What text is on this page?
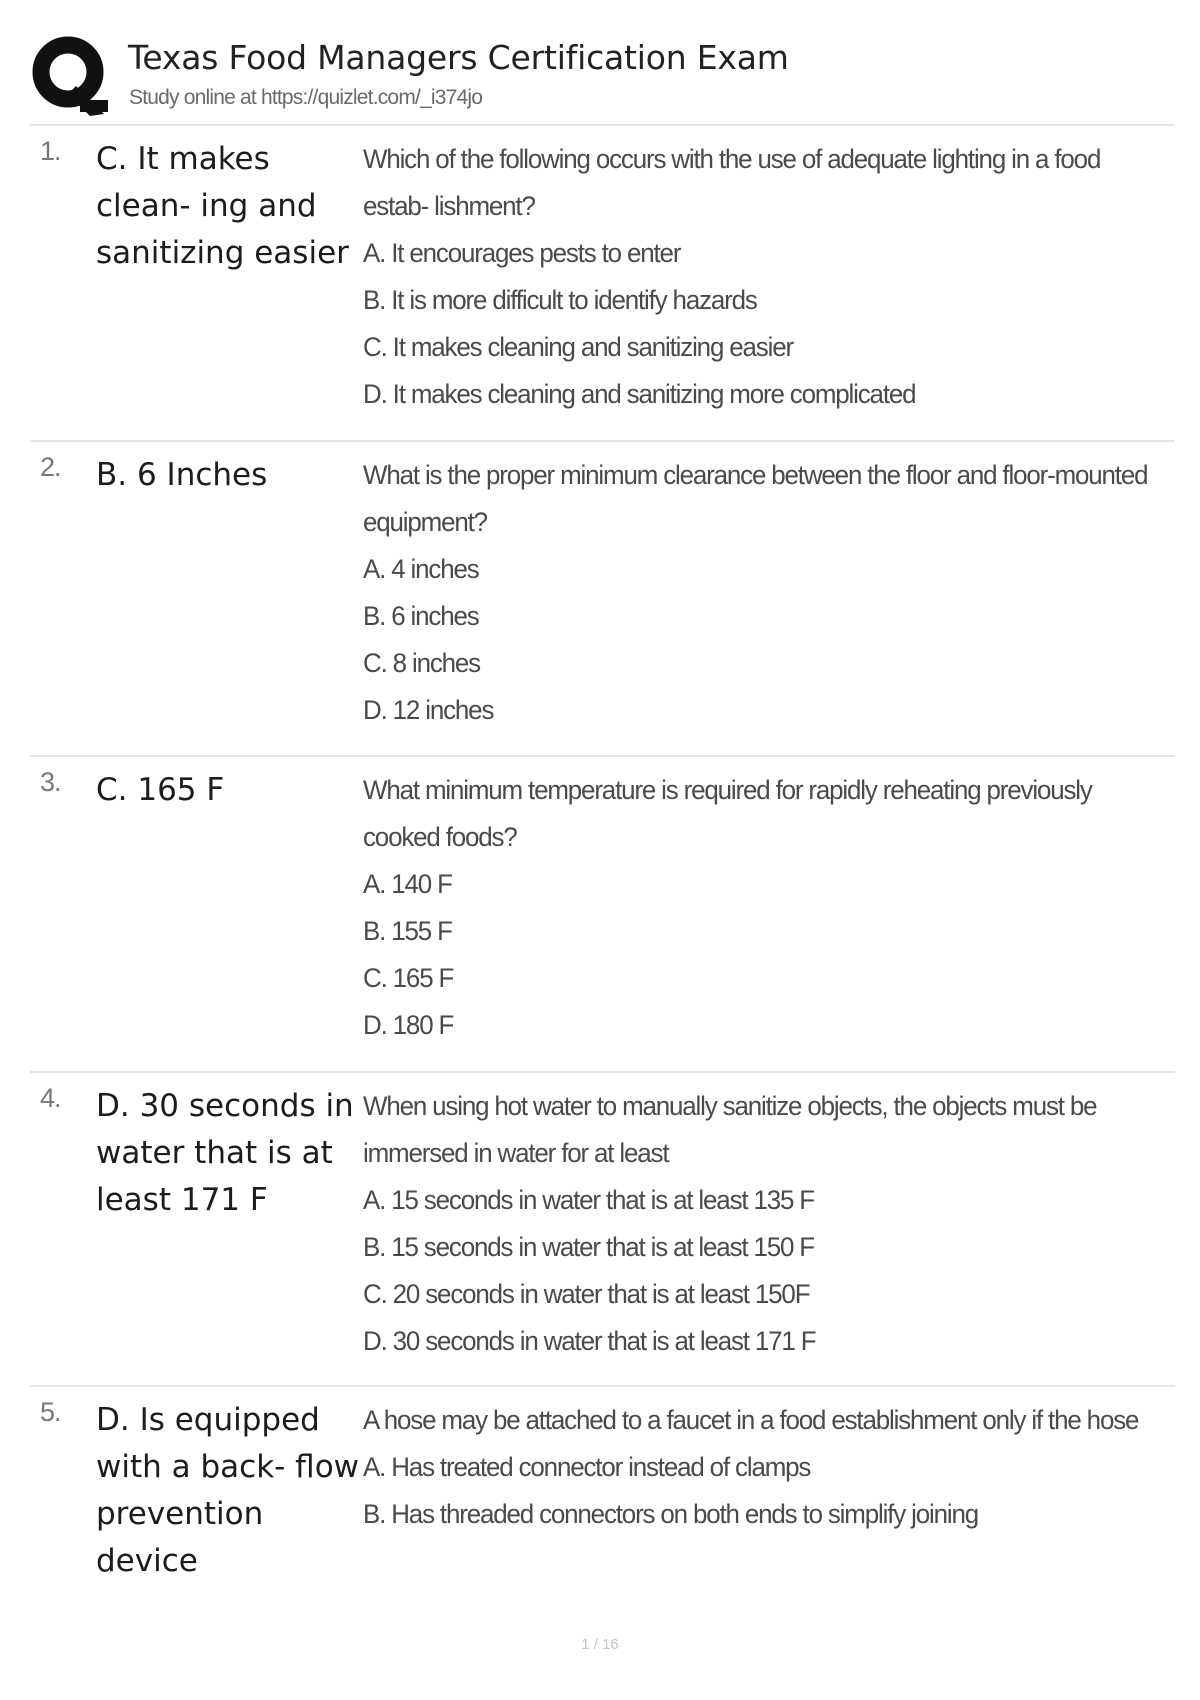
Texas Food Managers Certification Exam
Study online at https://quizlet.com/_i374jo
1. C. It makes clean- ing and sanitizing easier
Which of the following occurs with the use of adequate lighting in a food estab- lishment?
A. It encourages pests to enter
B. It is more difficult to identify hazards
C. It makes cleaning and sanitizing easier
D. It makes cleaning and sanitizing more complicated
2. B. 6 Inches	What is the proper minimum clearance between the floor and floor-mounted equipment?
A. 4 inches
B. 6 inches
C. 8 inches
D. 12 inches
3. C. 165 F	What minimum temperature is required for rapidly reheating previously cooked foods?
A. 140 F
B. 155 F
C. 165 F
D. 180 F
4. D. 30 seconds in water that is at least 171 F
When using hot water to manually sanitize objects, the objects must be immersed in water for at least
A. 15 seconds in water that is at least 135 F
B. 15 seconds in water that is at least 150 F
C. 20 seconds in water that is at least 150F
D. 30 seconds in water that is at least 171 F
5. D. Is equipped with a back- flow prevention device
A hose may be attached to a faucet in a food establishment only if the hose
A. Has treated connector instead of clamps
B. Has threaded connectors on both ends to simplify joining
1 / 16
